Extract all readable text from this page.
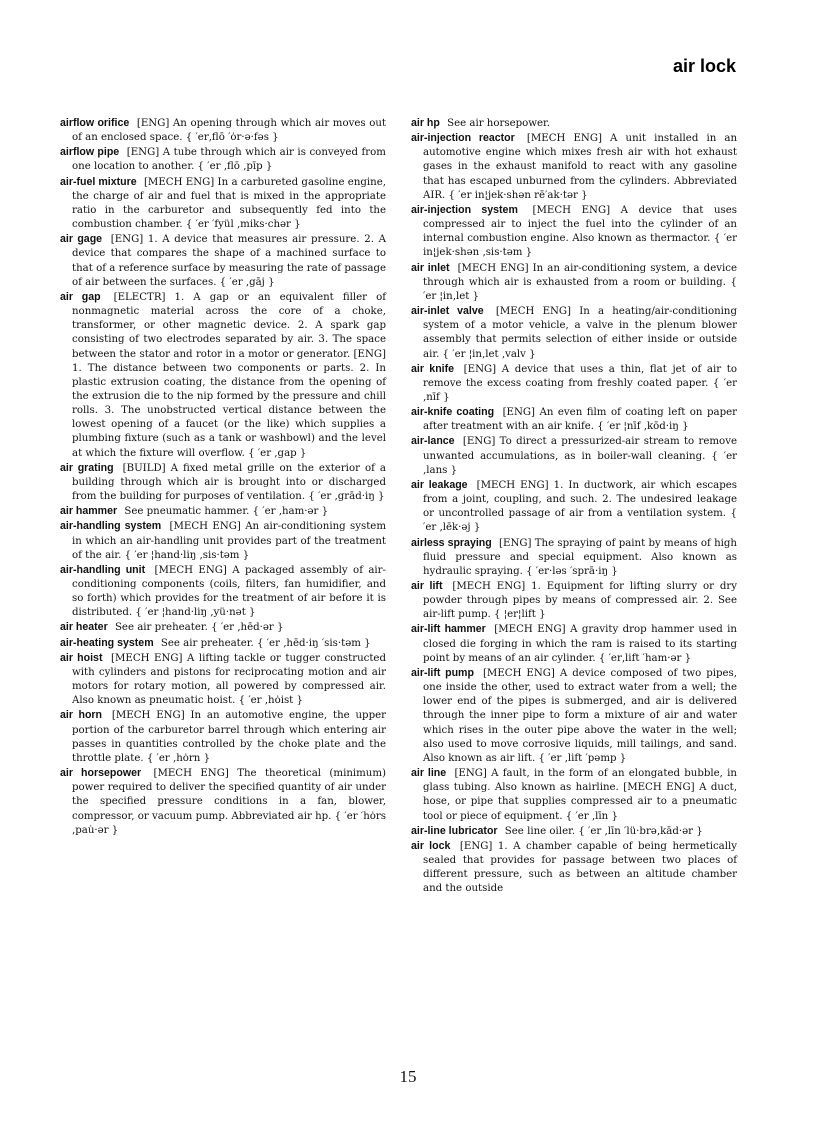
air lock

airflow orifice [ENG] An opening through which air moves out of an enclosed space. { ′er‚flō ′ȯr·ə·fəs }

airflow pipe [ENG] A tube through which air is conveyed from one location to another. { ′er ‚flō ‚pīp }

air-fuel mixture [MECH ENG] In a carbureted gasoline engine, the charge of air and fuel that is mixed in the appropriate ratio in the carburetor and subsequently fed into the combustion chamber. { ′er ′fyül ‚miks·chər }

air gage [ENG] 1. A device that measures air pressure. 2. A device that compares the shape of a machined surface to that of a reference surface by measuring the rate of passage of air between the surfaces. { ′er ‚gāj }

air gap [ELECTR] 1. A gap or an equivalent filler of nonmagnetic material across the core of a choke, transformer, or other magnetic device. 2. A spark gap consisting of two electrodes separated by air. 3. The space between the stator and rotor in a motor or generator. [ENG] 1. The distance between two components or parts. 2. In plastic extrusion coating, the distance from the opening of the extrusion die to the nip formed by the pressure and chill rolls. 3. The unobstructed vertical distance between the lowest opening of a faucet (or the like) which supplies a plumbing fixture (such as a tank or washbowl) and the level at which the fixture will overflow. { ′er ‚gap }

air grating [BUILD] A fixed metal grille on the exterior of a building through which air is brought into or discharged from the building for purposes of ventilation. { ′er ‚grād·iŋ }

air hammer See pneumatic hammer. { ′er ‚ham·ər }

air-handling system [MECH ENG] An air-conditioning system in which an air-handling unit provides part of the treatment of the air. { ′er ¦hand·liŋ ‚sis·təm }

air-handling unit [MECH ENG] A packaged assembly of air-conditioning components (coils, filters, fan humidifier, and so forth) which provides for the treatment of air before it is distributed. { ′er ¦hand·liŋ ‚yü·nət }

air heater See air preheater. { ′er ‚hēd·ər }

air-heating system See air preheater. { ′er ‚hēd·iŋ ′sis·təm }

air hoist [MECH ENG] A lifting tackle or tugger constructed with cylinders and pistons for reciprocating motion and air motors for rotary motion, all powered by compressed air. Also known as pneumatic hoist. { ′er ‚hȯist }

air horn [MECH ENG] In an automotive engine, the upper portion of the carburetor barrel through which entering air passes in quantities controlled by the choke plate and the throttle plate. { ′er ‚hȯrn }

air horsepower [MECH ENG] The theoretical (minimum) power required to deliver the specified quantity of air under the specified pressure conditions in a fan, blower, compressor, or vacuum pump. Abbreviated air hp. { ′er ′hȯrs ‚pau̇·ər }

air hp See air horsepower.

air-injection reactor [MECH ENG] A unit installed in an automotive engine which mixes fresh air with hot exhaust gases in the exhaust manifold to react with any gasoline that has escaped unburned from the cylinders. Abbreviated AIR. { ′er in¦jek·shən rē′ak·tər }

air-injection system [MECH ENG] A device that uses compressed air to inject the fuel into the cylinder of an internal combustion engine. Also known as thermactor. { ′er in¦jek·shən ‚sis·təm }

air inlet [MECH ENG] In an air-conditioning system, a device through which air is exhausted from a room or building. { ′er ¦in‚let }

air-inlet valve [MECH ENG] In a heating/air-conditioning system of a motor vehicle, a valve in the plenum blower assembly that permits selection of either inside or outside air. { ′er ¦in‚let ‚valv }

air knife [ENG] A device that uses a thin, flat jet of air to remove the excess coating from freshly coated paper. { ′er ‚nīf }

air-knife coating [ENG] An even film of coating left on paper after treatment with an air knife. { ′er ¦nīf ‚kōd·iŋ }

air-lance [ENG] To direct a pressurized-air stream to remove unwanted accumulations, as in boiler-wall cleaning. { ′er ‚lans }

air leakage [MECH ENG] 1. In ductwork, air which escapes from a joint, coupling, and such. 2. The undesired leakage or uncontrolled passage of air from a ventilation system. { ′er ‚lēk·əj }

airless spraying [ENG] The spraying of paint by means of high fluid pressure and special equipment. Also known as hydraulic spraying. { ′er·ləs ′sprā·iŋ }

air lift [MECH ENG] 1. Equipment for lifting slurry or dry powder through pipes by means of compressed air. 2. See air-lift pump. { ¦er¦lift }

air-lift hammer [MECH ENG] A gravity drop hammer used in closed die forging in which the ram is raised to its starting point by means of an air cylinder. { ′er‚lift ′ham·ər }

air-lift pump [MECH ENG] A device composed of two pipes, one inside the other, used to extract water from a well; the lower end of the pipes is submerged, and air is delivered through the inner pipe to form a mixture of air and water which rises in the outer pipe above the water in the well; also used to move corrosive liquids, mill tailings, and sand. Also known as air lift. { ′er ‚lift ′pəmp }

air line [ENG] A fault, in the form of an elongated bubble, in glass tubing. Also known as hairline. [MECH ENG] A duct, hose, or pipe that supplies compressed air to a pneumatic tool or piece of equipment. { ′er ‚līn }

air-line lubricator See line oiler. { ′er ‚līn ′lü·brə‚kād·ər }

air lock [ENG] 1. A chamber capable of being hermetically sealed that provides for passage between two places of different pressure, such as between an altitude chamber and the outside

15
